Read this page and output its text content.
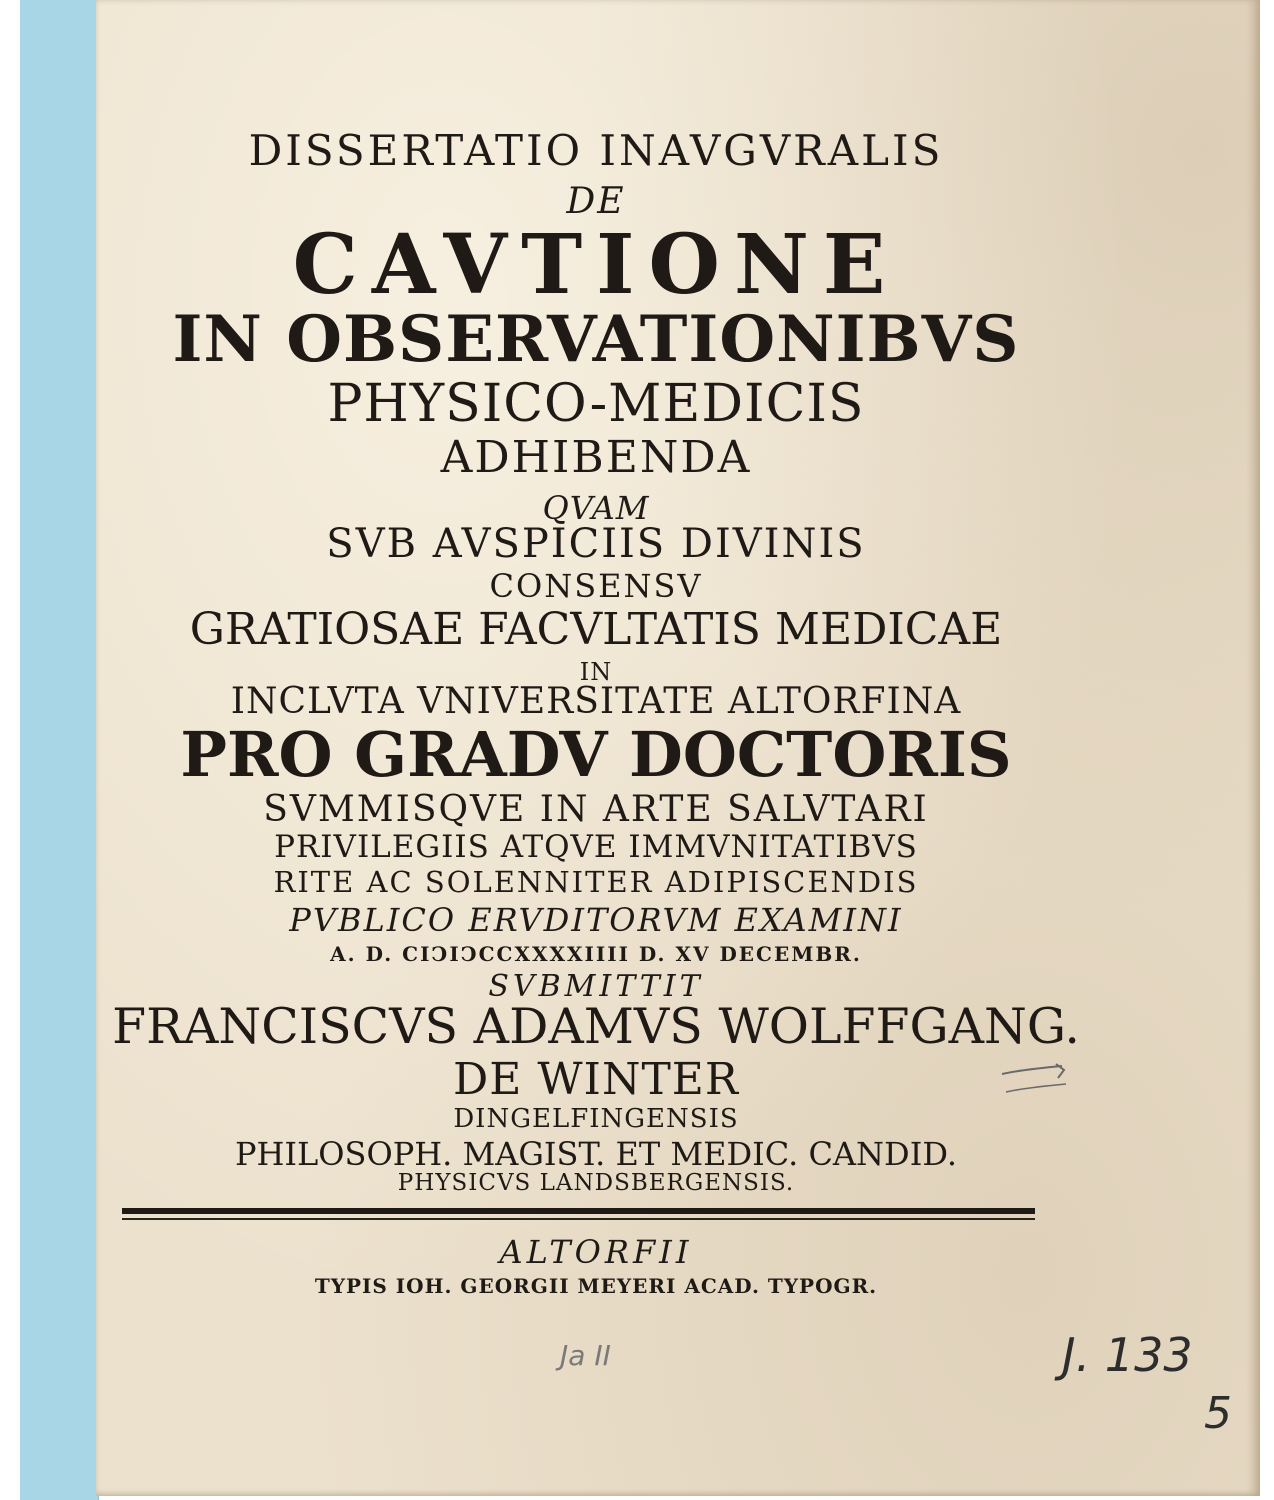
DISSERTATIO INAVGVRALIS

DE

CAVTIONE

IN OBSERVATIONIBVS

PHYSICO-MEDICIS

ADHIBENDA

QVAM

SVB AVSPICIIS DIVINIS

CONSENSV

GRATIOSAE FACVLTATIS MEDICAE

IN

INCLVTA VNIVERSITATE ALTORFINA

PRO GRADV DOCTORIS

SVMMISQVE IN ARTE SALVTARI

PRIVILEGIIS ATQVE IMMVNITATIBVS

RITE AC SOLENNITER ADIPISCENDIS

PVBLICO ERVDITORVM EXAMINI

A. D. CIↃIↃCCXXXXIIII D. XV DECEMBR.

SVBMITTIT

FRANCISCVS ADAMVS WOLFFGANG.

DE WINTER

DINGELFINGENSIS

PHILOSOPH. MAGIST. ET MEDIC. CANDID.

PHYSICVS LANDSBERGENSIS.

ALTORFII

TYPIS IOH. GEORGII MEYERI ACAD. TYPOGR.

Ja II	J. 133
5
